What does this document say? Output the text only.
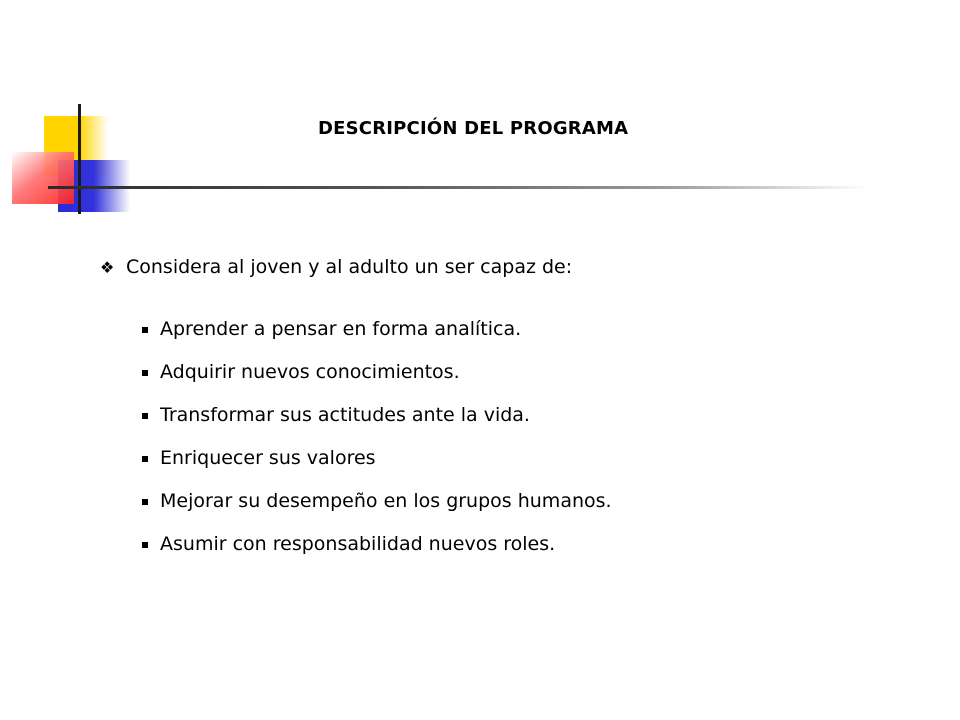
DESCRIPCIÓN DEL PROGRAMA
❖ Considera al joven y al adulto un ser capaz de:
Aprender a pensar en forma analítica.
Adquirir nuevos conocimientos.
Transformar sus actitudes ante la vida.
Enriquecer sus valores
Mejorar su desempeño en los grupos humanos.
Asumir con responsabilidad nuevos roles.
